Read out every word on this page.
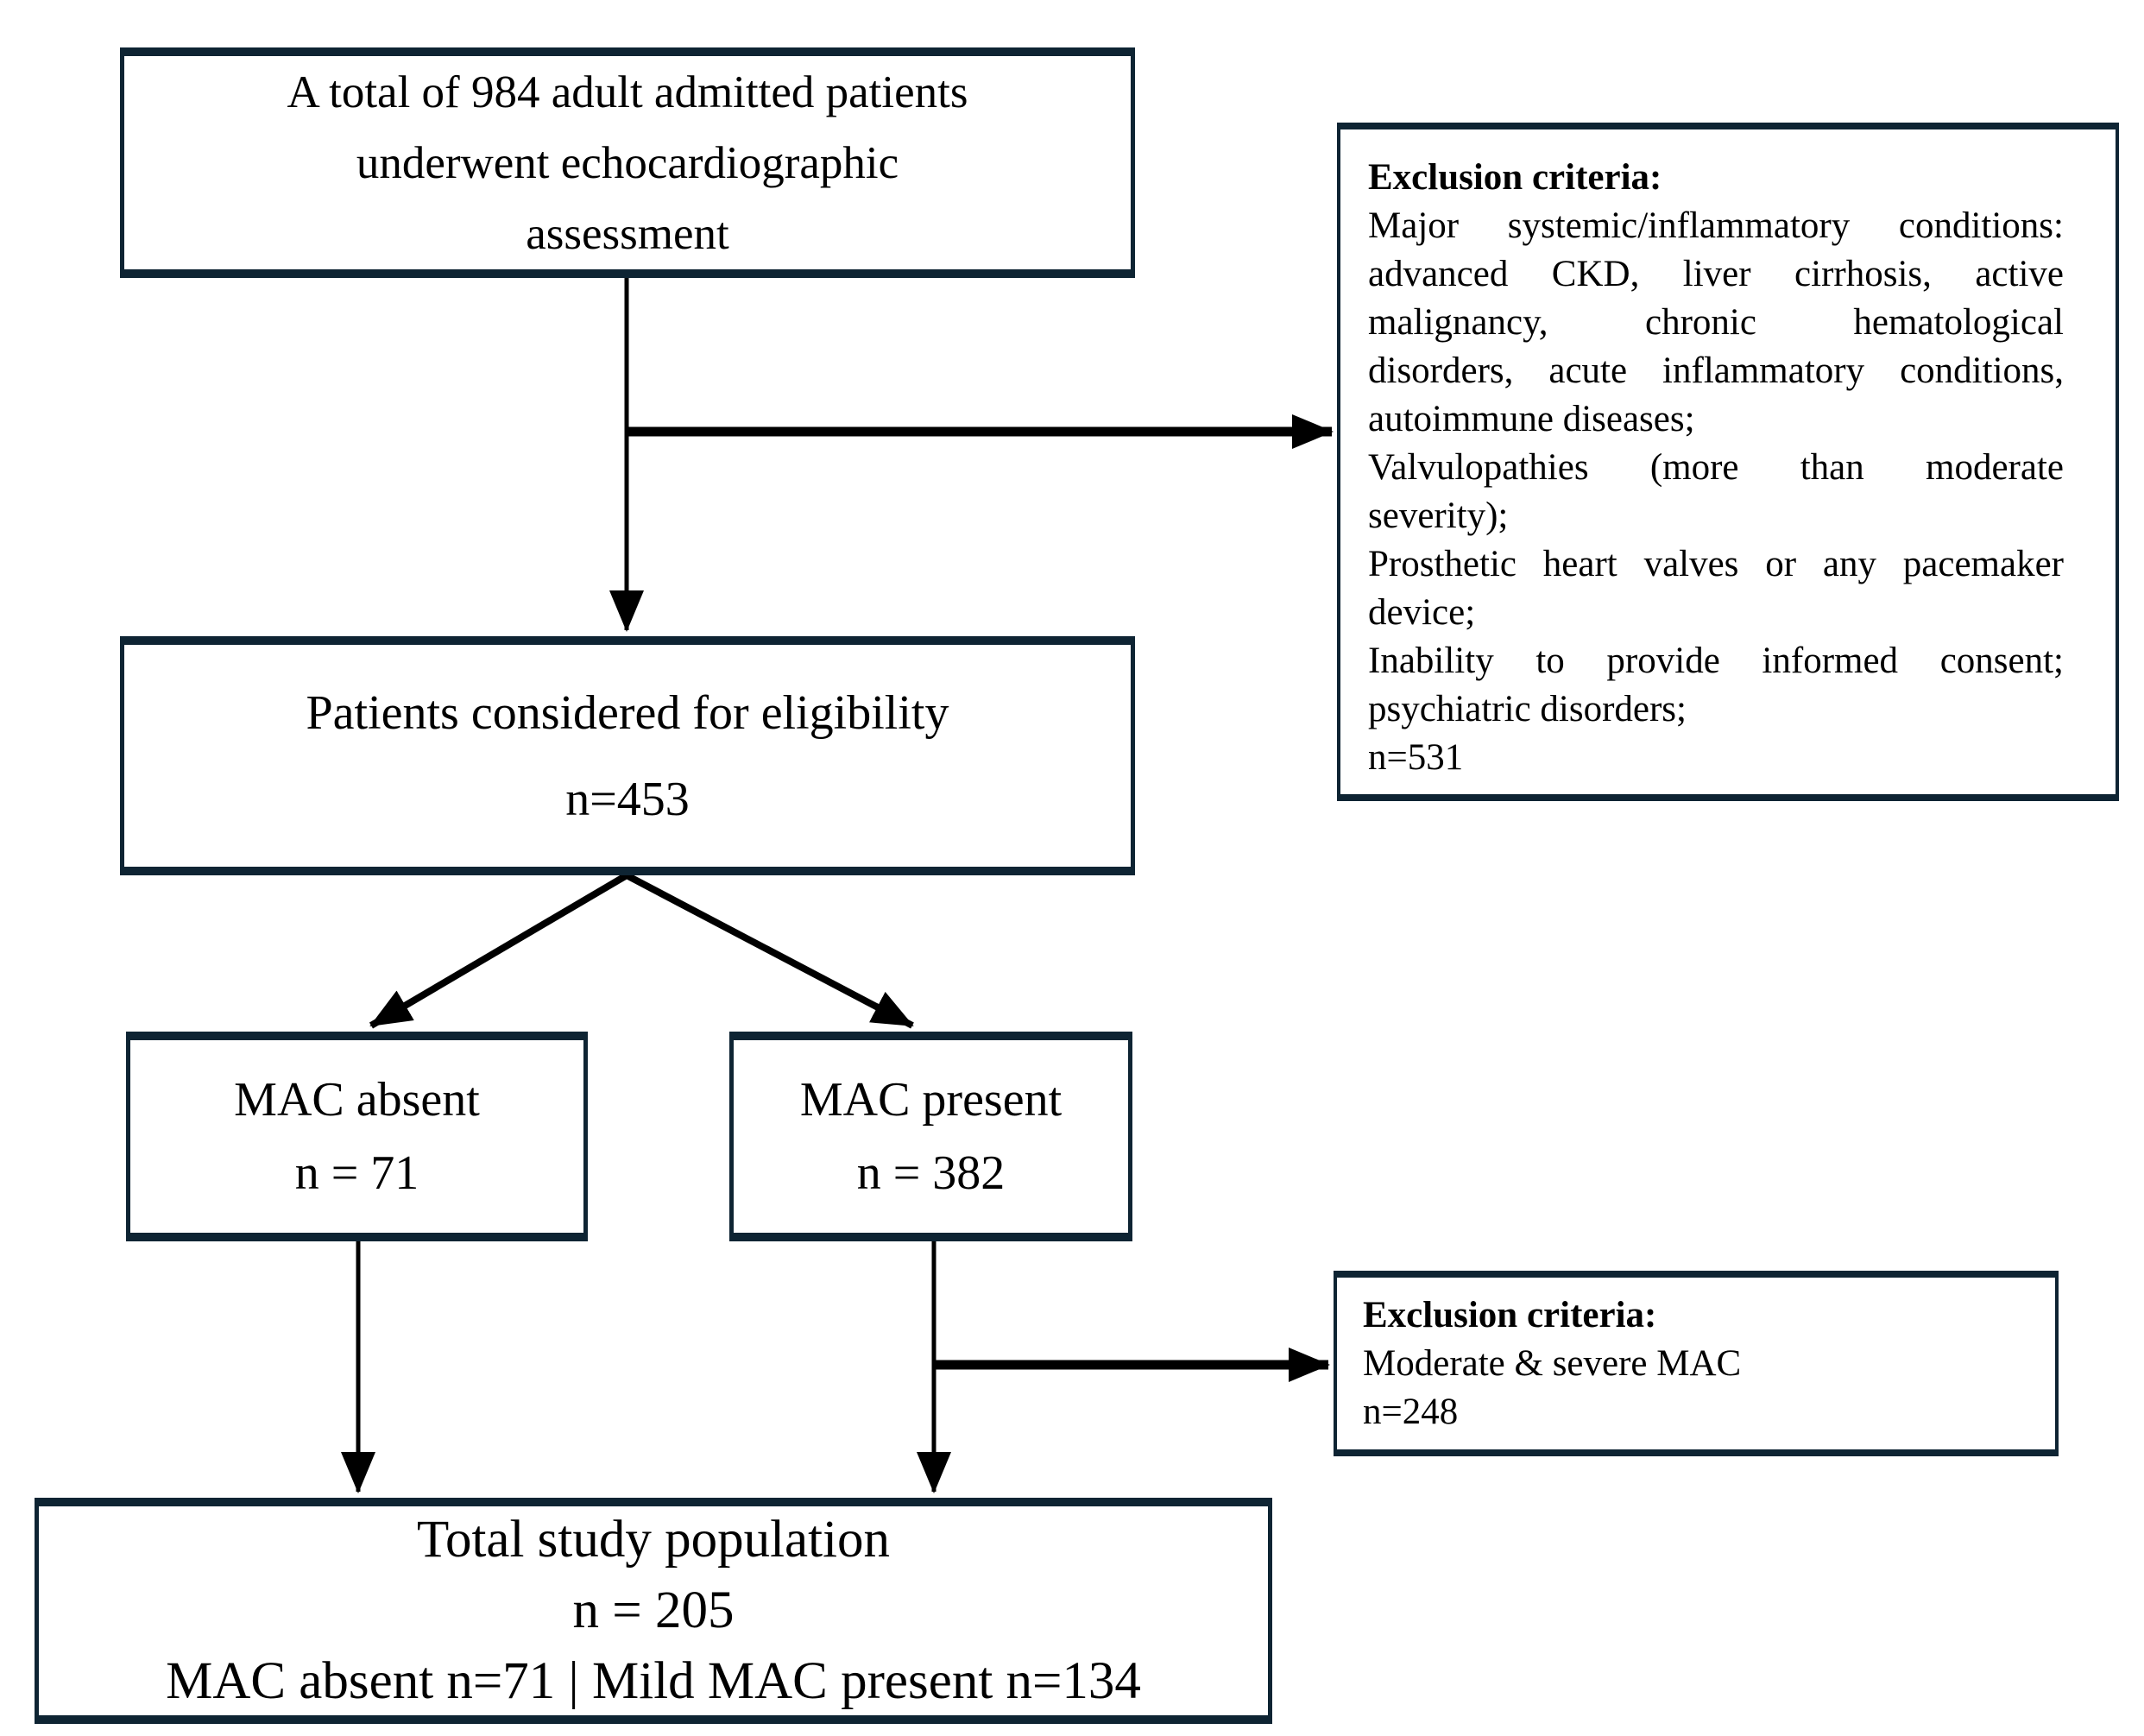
A total of 984 adult admitted patients
underwent echocardiographic
assessment
Exclusion criteria:
Major systemic/inflammatory conditions:
advanced CKD, liver cirrhosis, active
malignancy, chronic hematological
disorders, acute inflammatory conditions,
autoimmune diseases;
Valvulopathies (more than moderate
severity);
Prosthetic heart valves or any pacemaker
device;
Inability to provide informed consent;
psychiatric disorders;
n=531
Patients considered for eligibility
n=453
MAC absent
n = 71
MAC present
n = 382
Exclusion criteria:
Moderate & severe MAC
n=248
Total study population
n = 205
MAC absent n=71 | Mild MAC present n=134
